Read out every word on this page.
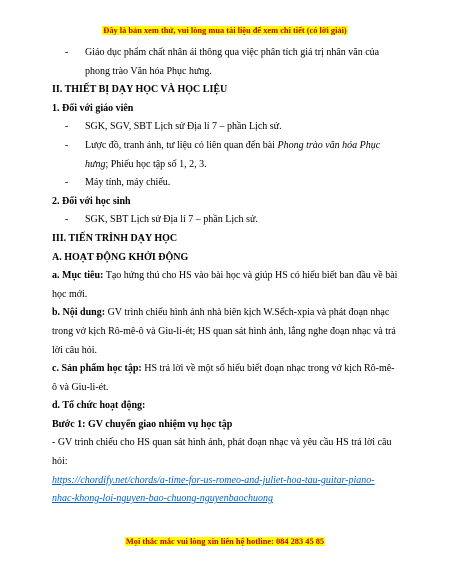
Đây là bản xem thử, vui lòng mua tài liệu để xem chi tiết (có lời giải)
- Giáo dục phẩm chất nhân ái thông qua việc phân tích giá trị nhân văn của
phong trào Văn hóa Phục hưng.
II. THIẾT BỊ DẠY HỌC VÀ HỌC LIỆU
1. Đối với giáo viên
- SGK, SGV, SBT Lịch sử Địa lí 7 – phần Lịch sử.
- Lược đồ, tranh ảnh, tư liệu có liên quan đến bài Phong trào văn hóa Phục
hưng; Phiếu học tập số 1, 2, 3.
- Máy tính, máy chiếu.
2. Đối với học sinh
- SGK, SBT Lịch sử Địa lí 7 – phần Lịch sử.
III. TIẾN TRÌNH DẠY HỌC
A. HOẠT ĐỘNG KHỞI ĐỘNG
a. Mục tiêu: Tạo hứng thú cho HS vào bài học và giúp HS có hiểu biết ban đầu về bài
học mới.
b. Nội dung: GV trình chiếu hình ảnh nhà biên kịch W.Sếch-xpia và phát đoạn nhạc
trong vở kịch Rô-mê-ô và Giu-li-ét; HS quan sát hình ảnh, lắng nghe đoạn nhạc và trả
lời câu hỏi.
c. Sản phẩm học tập: HS trả lời về một số hiểu biết đoạn nhạc trong vở kịch Rô-mê-
ô và Giu-li-ét.
d. Tổ chức hoạt động:
Bước 1: GV chuyển giao nhiệm vụ học tập
- GV trình chiếu cho HS quan sát hình ảnh, phát đoạn nhạc và yêu cầu HS trả lời câu
hỏi:
https://chordify.net/chords/a-time-for-us-romeo-and-juliet-hoa-tau-guitar-piano-
nhac-khong-loi-nguyen-bao-chuong-nguyenbaochuong
Mọi thắc mắc vui lòng xin liên hệ hotline: 084 283 45 85
